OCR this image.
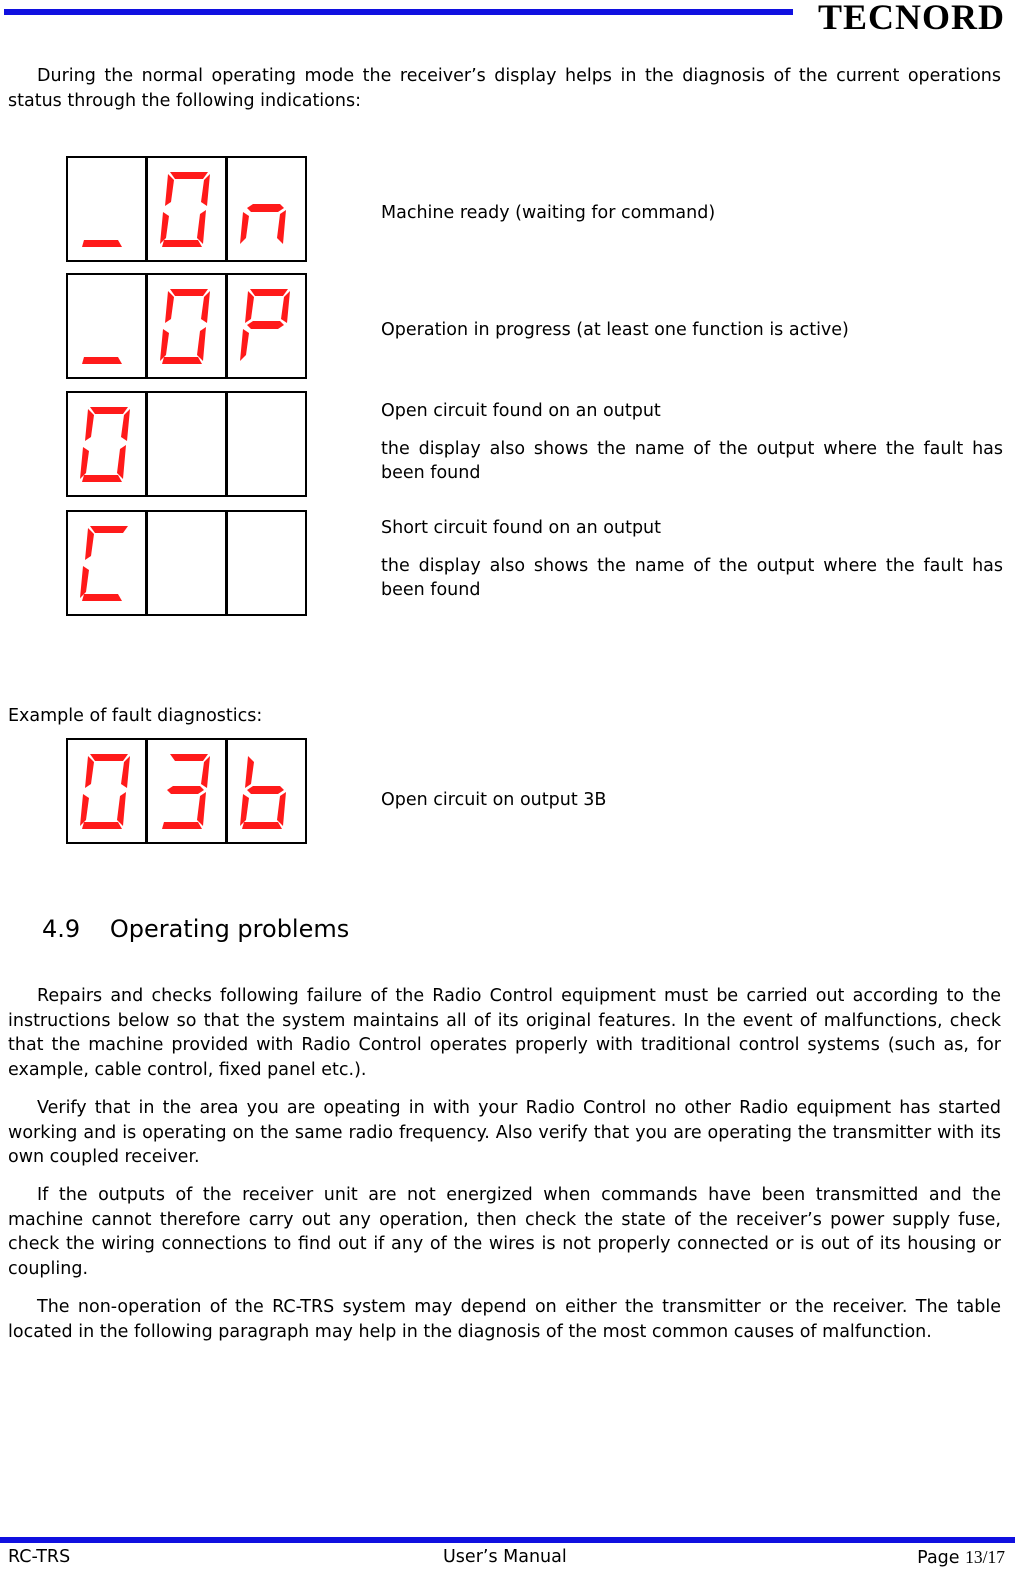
TECNORD
During the normal operating mode the receiver’s display helps in the diagnosis of the current operations status through the following indications:

Machine ready (waiting for command)

Operation in progress (at least one function is active)

Open circuit found on an output

the display also shows the name of the output where the fault has been found

Short circuit found on an output

the display also shows the name of the output where the fault has been found

Example of fault diagnostics:

Open circuit on output 3B

4.9 Operating problems
Repairs and checks following failure of the Radio Control equipment must be carried out according to the instructions below so that the system maintains all of its original features. In the event of malfunctions, check that the machine provided with Radio Control operates properly with traditional control systems (such as, for example, cable control, fixed panel etc.).
Verify that in the area you are opeating in with your Radio Control no other Radio equipment has started working and is operating on the same radio frequency. Also verify that you are operating the transmitter with its own coupled receiver.
If the outputs of the receiver unit are not energized when commands have been transmitted and the machine cannot therefore carry out any operation, then check the state of the receiver’s power supply fuse, check the wiring connections to find out if any of the wires is not properly connected or is out of its housing or coupling.
The non-operation of the RC-TRS system may depend on either the transmitter or the receiver. The table located in the following paragraph may help in the diagnosis of the most common causes of malfunction.
RC-TRS	User’s Manual	Page 13/17
